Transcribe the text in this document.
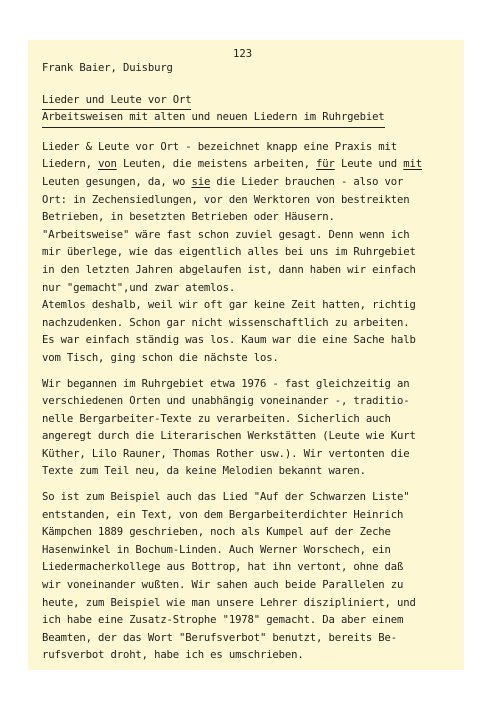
123
Frank Baier, Duisburg
Lieder und Leute vor Ort
Arbeitsweisen mit alten und neuen Liedern im Ruhrgebiet
Lieder & Leute vor Ort - bezeichnet knapp eine Praxis mit
Liedern, von Leuten, die meistens arbeiten, für Leute und mit
Leuten gesungen, da, wo sie die Lieder brauchen - also vor
Ort: in Zechensiedlungen, vor den Werktoren von bestreikten
Betrieben, in besetzten Betrieben oder Häusern.
"Arbeitsweise" wäre fast schon zuviel gesagt. Denn wenn ich
mir überlege, wie das eigentlich alles bei uns im Ruhrgebiet
in den letzten Jahren abgelaufen ist, dann haben wir einfach
nur "gemacht",und zwar atemlos.
Atemlos deshalb, weil wir oft gar keine Zeit hatten, richtig
nachzudenken. Schon gar nicht wissenschaftlich zu arbeiten.
Es war einfach ständig was los. Kaum war die eine Sache halb
vom Tisch, ging schon die nächste los.
Wir begannen im Ruhrgebiet etwa 1976 - fast gleichzeitig an
verschiedenen Orten und unabhängig voneinander -, traditio-
nelle Bergarbeiter-Texte zu verarbeiten. Sicherlich auch
angeregt durch die Literarischen Werkstätten (Leute wie Kurt
Küther, Lilo Rauner, Thomas Rother usw.). Wir vertonten die
Texte zum Teil neu, da keine Melodien bekannt waren.
So ist zum Beispiel auch das Lied "Auf der Schwarzen Liste"
entstanden, ein Text, von dem Bergarbeiterdichter Heinrich
Kämpchen 1889 geschrieben, noch als Kumpel auf der Zeche
Hasenwinkel in Bochum-Linden. Auch Werner Worschech, ein
Liedermacherkollege aus Bottrop, hat ihn vertont, ohne daß
wir voneinander wußten. Wir sahen auch beide Parallelen zu
heute, zum Beispiel wie man unsere Lehrer diszipliniert, und
ich habe eine Zusatz-Strophe "1978" gemacht. Da aber einem
Beamten, der das Wort "Berufsverbot" benutzt, bereits Be-
rufsverbot droht, habe ich es umschrieben.
